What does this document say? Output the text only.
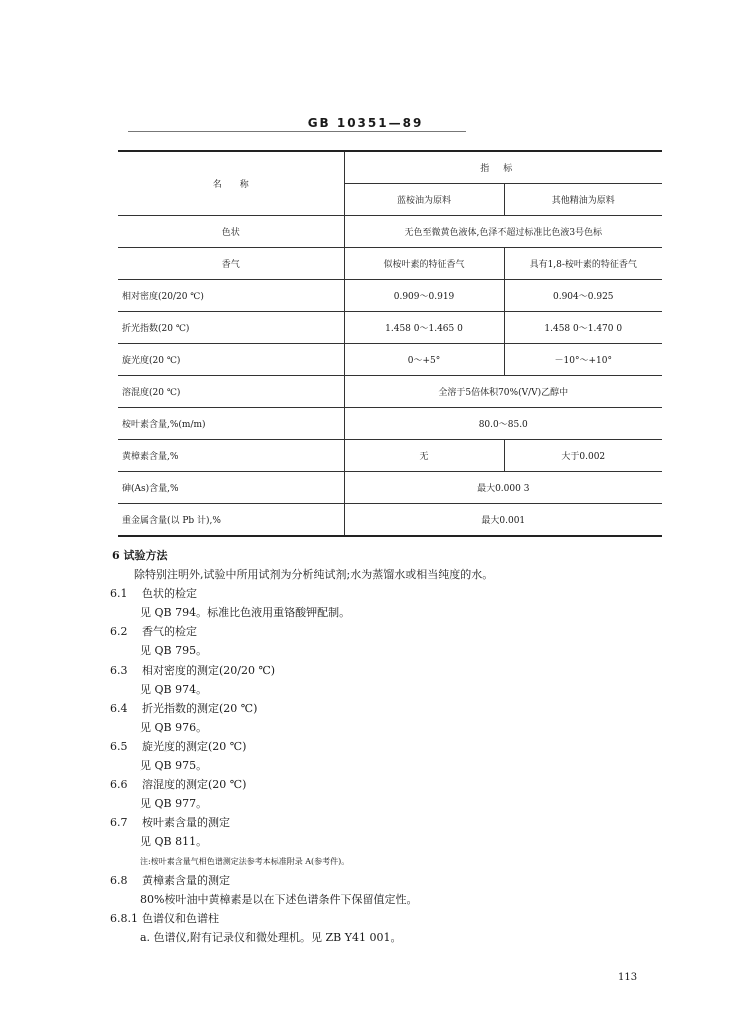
GB 10351—89
名　　称	指标	
	蓝桉油为原料	其他精油为原料
色状	无色至微黄色液体,色泽不超过标准比色液3号色标	
香气	似桉叶素的特征香气	具有1,8-桉叶素的特征香气
相对密度(20/20 ℃)	0.909～0.919	0.904～0.925
折光指数(20 ℃)	1.458 0～1.465 0	1.458 0～1.470 0
旋光度(20 ℃)	0～+5°	－10°～+10°
溶混度(20 ℃)	全溶于5倍体积70%(V/V)乙醇中	
桉叶素含量,%(m/m)	80.0～85.0	
黄樟素含量,%	无	大于0.002
砷(As)含量,%	最大0.000 3	
重金属含量(以 Pb 计),%	最大0.001	
6 试验方法
除特别注明外,试验中所用试剂为分析纯试剂;水为蒸馏水或相当纯度的水。
6.1 色状的检定
见 QB 794。标准比色液用重铬酸钾配制。
6.2 香气的检定
见 QB 795。
6.3 相对密度的测定(20/20 ℃)
见 QB 974。
6.4 折光指数的测定(20 ℃)
见 QB 976。
6.5 旋光度的测定(20 ℃)
见 QB 975。
6.6 溶混度的测定(20 ℃)
见 QB 977。
6.7 桉叶素含量的测定
见 QB 811。
注:桉叶素含量气相色谱测定法参考本标准附录 A(参考件)。
6.8 黄樟素含量的测定
80%桉叶油中黄樟素是以在下述色谱条件下保留值定性。
6.8.1 色谱仪和色谱柱
a. 色谱仪,附有记录仪和微处理机。见 ZB Y41 001。
113
